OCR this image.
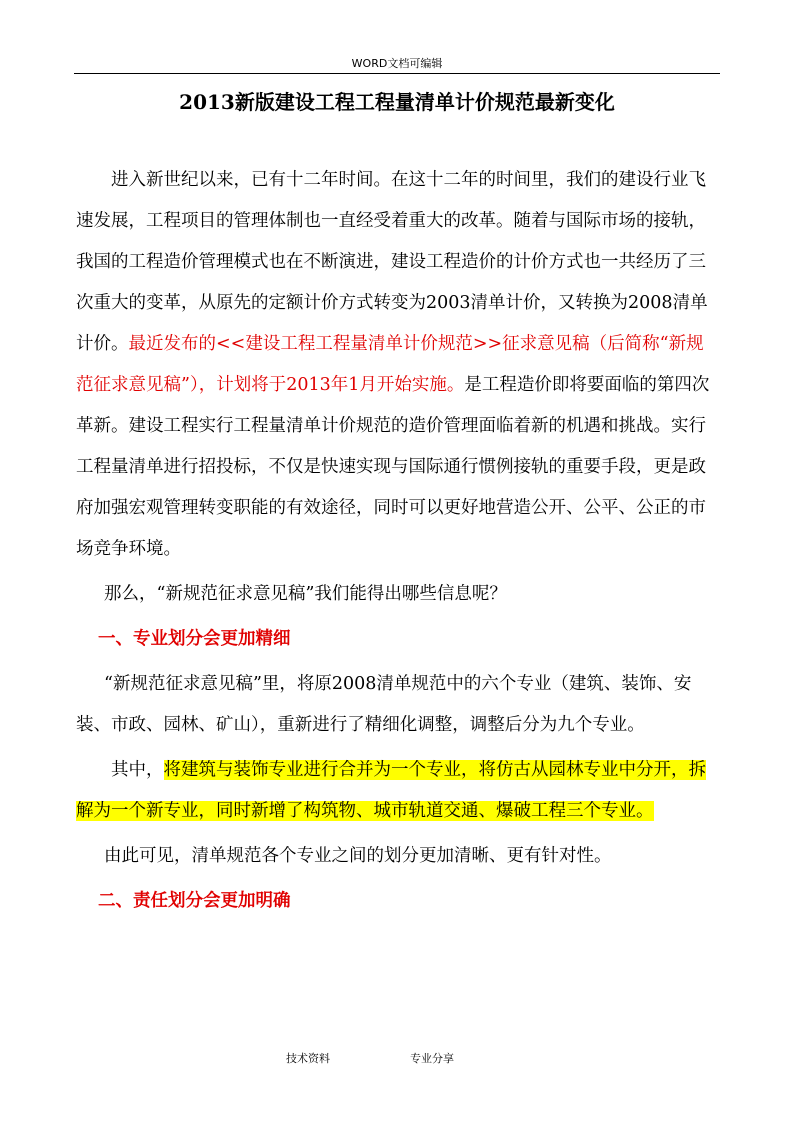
WORD文档可编辑
2013新版建设工程工程量清单计价规范最新变化

进入新世纪以来，已有十二年时间。在这十二年的时间里，我们的建设行业飞速发展，工程项目的管理体制也一直经受着重大的改革。随着与国际市场的接轨，我国的工程造价管理模式也在不断演进，建设工程造价的计价方式也一共经历了三次重大的变革，从原先的定额计价方式转变为2003清单计价，又转换为2008清单计价。最近发布的<<建设工程工程量清单计价规范>>征求意见稿（后简称“新规范征求意见稿”），计划将于2013年1月开始实施。是工程造价即将要面临的第四次革新。建设工程实行工程量清单计价规范的造价管理面临着新的机遇和挑战。实行工程量清单进行招投标，不仅是快速实现与国际通行惯例接轨的重要手段，更是政府加强宏观管理转变职能的有效途径，同时可以更好地营造公开、公平、公正的市场竞争环境。

那么，“新规范征求意见稿”我们能得出哪些信息呢？

一、专业划分会更加精细

“新规范征求意见稿”里，将原2008清单规范中的六个专业（建筑、装饰、安装、市政、园林、矿山），重新进行了精细化调整，调整后分为九个专业。

其中，将建筑与装饰专业进行合并为一个专业，将仿古从园林专业中分开，拆解为一个新专业，同时新增了构筑物、城市轨道交通、爆破工程三个专业。

由此可见，清单规范各个专业之间的划分更加清晰、更有针对性。

二、责任划分会更加明确

技术资料	专业分享
